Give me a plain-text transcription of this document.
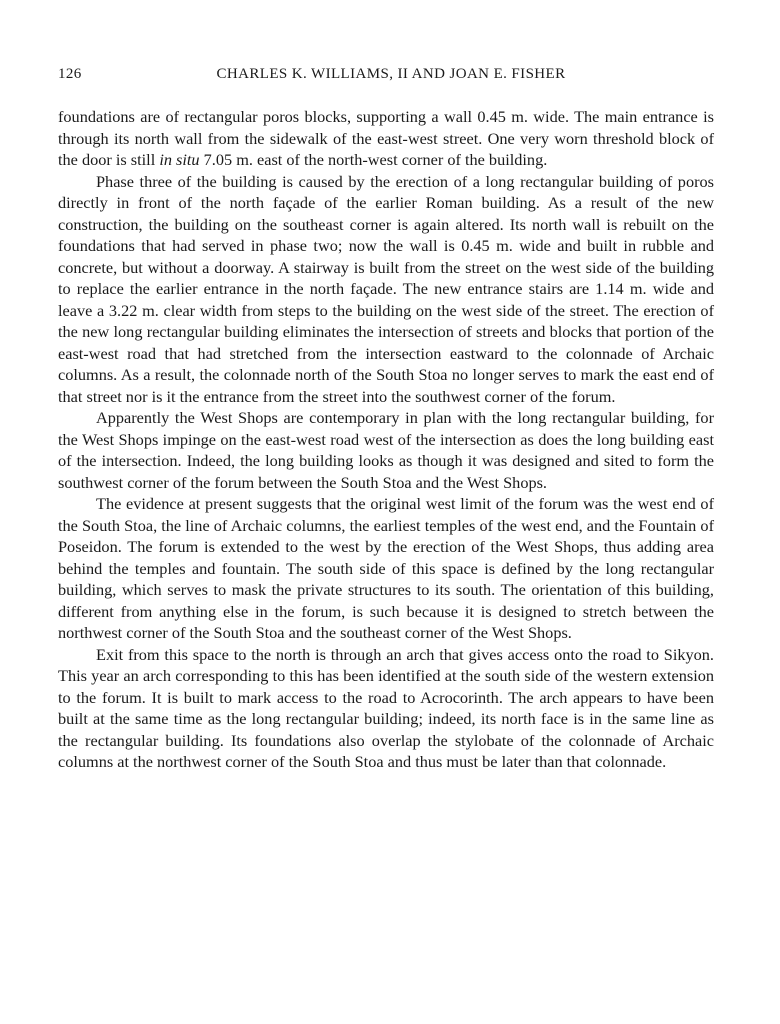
126	CHARLES K. WILLIAMS, II AND JOAN E. FISHER

foundations are of rectangular poros blocks, supporting a wall 0.45 m. wide. The main entrance is through its north wall from the sidewalk of the east-west street. One very worn threshold block of the door is still in situ 7.05 m. east of the north-west corner of the building.

Phase three of the building is caused by the erection of a long rectangular building of poros directly in front of the north façade of the earlier Roman building. As a result of the new construction, the building on the southeast corner is again altered. Its north wall is rebuilt on the foundations that had served in phase two; now the wall is 0.45 m. wide and built in rubble and concrete, but without a doorway. A stairway is built from the street on the west side of the building to replace the earlier entrance in the north façade. The new entrance stairs are 1.14 m. wide and leave a 3.22 m. clear width from steps to the building on the west side of the street. The erection of the new long rectangular building eliminates the intersection of streets and blocks that portion of the east-west road that had stretched from the intersection eastward to the colonnade of Archaic columns. As a result, the colonnade north of the South Stoa no longer serves to mark the east end of that street nor is it the entrance from the street into the southwest corner of the forum.

Apparently the West Shops are contemporary in plan with the long rectangular building, for the West Shops impinge on the east-west road west of the intersection as does the long building east of the intersection. Indeed, the long building looks as though it was designed and sited to form the southwest corner of the forum between the South Stoa and the West Shops.

The evidence at present suggests that the original west limit of the forum was the west end of the South Stoa, the line of Archaic columns, the earliest temples of the west end, and the Fountain of Poseidon. The forum is extended to the west by the erection of the West Shops, thus adding area behind the temples and fountain. The south side of this space is defined by the long rectangular building, which serves to mask the private structures to its south. The orientation of this building, different from anything else in the forum, is such because it is designed to stretch between the northwest corner of the South Stoa and the southeast corner of the West Shops.

Exit from this space to the north is through an arch that gives access onto the road to Sikyon. This year an arch corresponding to this has been identified at the south side of the western extension to the forum. It is built to mark access to the road to Acrocorinth. The arch appears to have been built at the same time as the long rectangular building; indeed, its north face is in the same line as the rectangular building. Its foundations also overlap the stylobate of the colonnade of Archaic columns at the northwest corner of the South Stoa and thus must be later than that colonnade.
